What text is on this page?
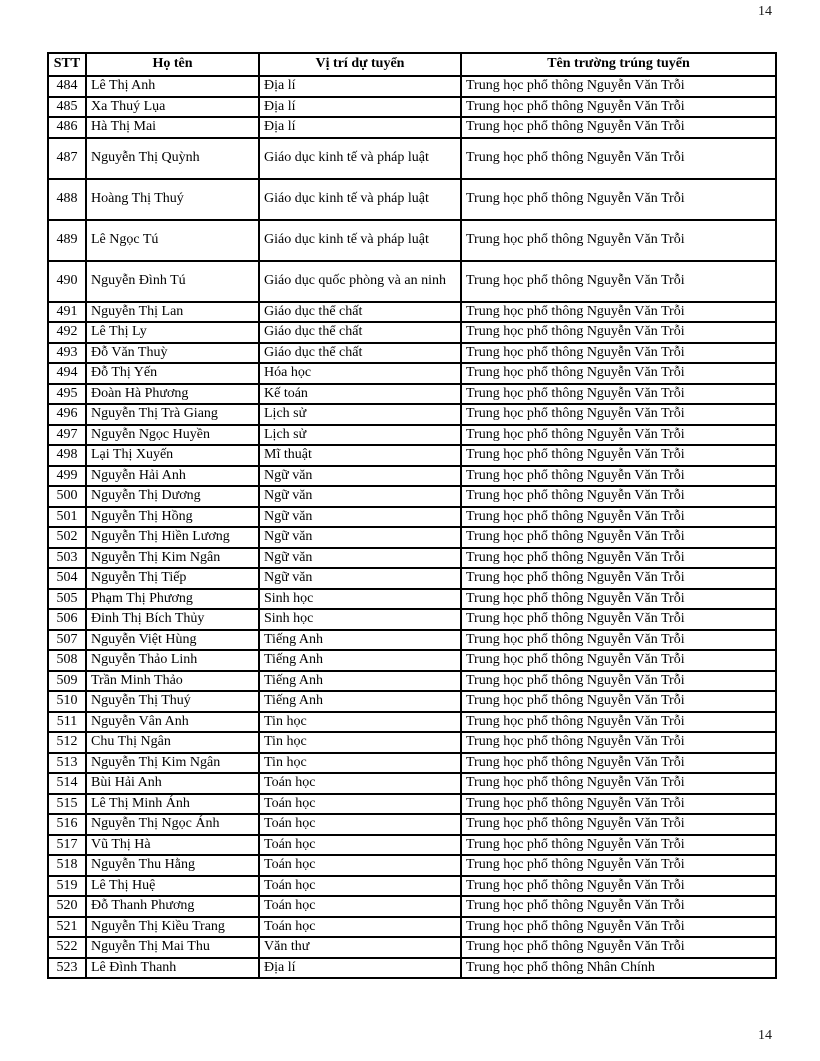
14
STT	Họ tên	Vị trí dự tuyển	Tên trường trúng tuyển
484	Lê Thị Anh	Địa lí	Trung học phổ thông Nguyễn Văn Trỗi
485	Xa Thuý Lụa	Địa lí	Trung học phổ thông Nguyễn Văn Trỗi
486	Hà Thị Mai	Địa lí	Trung học phổ thông Nguyễn Văn Trỗi
487	Nguyễn Thị Quỳnh	Giáo dục kinh tế và pháp luật	Trung học phổ thông Nguyễn Văn Trỗi
488	Hoàng Thị Thuý	Giáo dục kinh tế và pháp luật	Trung học phổ thông Nguyễn Văn Trỗi
489	Lê Ngọc Tú	Giáo dục kinh tế và pháp luật	Trung học phổ thông Nguyễn Văn Trỗi
490	Nguyễn Đình Tú	Giáo dục quốc phòng và an ninh	Trung học phổ thông Nguyễn Văn Trỗi
491	Nguyễn Thị Lan	Giáo dục thể chất	Trung học phổ thông Nguyễn Văn Trỗi
492	Lê Thị Ly	Giáo dục thể chất	Trung học phổ thông Nguyễn Văn Trỗi
493	Đỗ Văn Thuỳ	Giáo dục thể chất	Trung học phổ thông Nguyễn Văn Trỗi
494	Đỗ Thị Yến	Hóa học	Trung học phổ thông Nguyễn Văn Trỗi
495	Đoàn Hà Phương	Kế toán	Trung học phổ thông Nguyễn Văn Trỗi
496	Nguyễn Thị Trà Giang	Lịch sử	Trung học phổ thông Nguyễn Văn Trỗi
497	Nguyễn Ngọc Huyền	Lịch sử	Trung học phổ thông Nguyễn Văn Trỗi
498	Lại Thị Xuyến	Mĩ thuật	Trung học phổ thông Nguyễn Văn Trỗi
499	Nguyễn Hải Anh	Ngữ văn	Trung học phổ thông Nguyễn Văn Trỗi
500	Nguyễn Thị Dương	Ngữ văn	Trung học phổ thông Nguyễn Văn Trỗi
501	Nguyễn Thị Hồng	Ngữ văn	Trung học phổ thông Nguyễn Văn Trỗi
502	Nguyễn Thị Hiền Lương	Ngữ văn	Trung học phổ thông Nguyễn Văn Trỗi
503	Nguyễn Thị Kim Ngân	Ngữ văn	Trung học phổ thông Nguyễn Văn Trỗi
504	Nguyễn Thị Tiếp	Ngữ văn	Trung học phổ thông Nguyễn Văn Trỗi
505	Phạm Thị Phương	Sinh học	Trung học phổ thông Nguyễn Văn Trỗi
506	Đinh Thị Bích Thủy	Sinh học	Trung học phổ thông Nguyễn Văn Trỗi
507	Nguyễn Việt Hùng	Tiếng Anh	Trung học phổ thông Nguyễn Văn Trỗi
508	Nguyễn Thảo Linh	Tiếng Anh	Trung học phổ thông Nguyễn Văn Trỗi
509	Trần Minh Thảo	Tiếng Anh	Trung học phổ thông Nguyễn Văn Trỗi
510	Nguyễn Thị Thuý	Tiếng Anh	Trung học phổ thông Nguyễn Văn Trỗi
511	Nguyễn Vân Anh	Tin học	Trung học phổ thông Nguyễn Văn Trỗi
512	Chu Thị Ngân	Tin học	Trung học phổ thông Nguyễn Văn Trỗi
513	Nguyễn Thị Kim Ngân	Tin học	Trung học phổ thông Nguyễn Văn Trỗi
514	Bùi Hải Anh	Toán học	Trung học phổ thông Nguyễn Văn Trỗi
515	Lê Thị Minh Ánh	Toán học	Trung học phổ thông Nguyễn Văn Trỗi
516	Nguyễn Thị Ngọc Ánh	Toán học	Trung học phổ thông Nguyễn Văn Trỗi
517	Vũ Thị Hà	Toán học	Trung học phổ thông Nguyễn Văn Trỗi
518	Nguyễn Thu Hằng	Toán học	Trung học phổ thông Nguyễn Văn Trỗi
519	Lê Thị Huệ	Toán học	Trung học phổ thông Nguyễn Văn Trỗi
520	Đỗ Thanh Phương	Toán học	Trung học phổ thông Nguyễn Văn Trỗi
521	Nguyễn Thị Kiều Trang	Toán học	Trung học phổ thông Nguyễn Văn Trỗi
522	Nguyễn Thị Mai Thu	Văn thư	Trung học phổ thông Nguyễn Văn Trỗi
523	Lê Đình Thanh	Địa lí	Trung học phổ thông Nhân Chính
14
